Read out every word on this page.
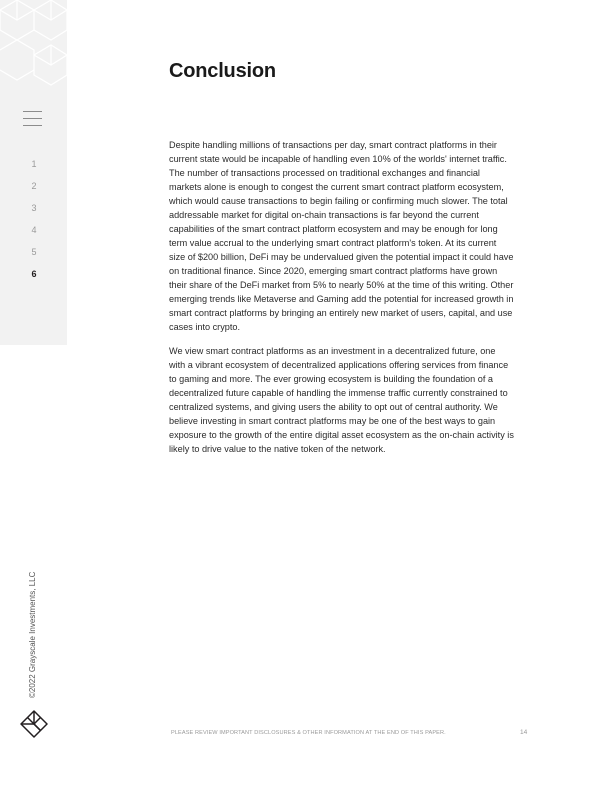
1
2
3
4
5
6
©2022 Grayscale Investments, LLC
Conclusion

Despite handling millions of transactions per day, smart contract platforms in their current state would be incapable of handling even 10% of the worlds' internet traffic. The number of transactions processed on traditional exchanges and financial markets alone is enough to congest the current smart contract platform ecosystem, which would cause transactions to begin failing or confirming much slower. The total addressable market for digital on-chain transactions is far beyond the current capabilities of the smart contract platform ecosystem and may be enough for long term value accrual to the underlying smart contract platform's token. At its current size of $200 billion, DeFi may be undervalued given the potential impact it could have on traditional finance. Since 2020, emerging smart contract platforms have grown their share of the DeFi market from 5% to nearly 50% at the time of this writing. Other emerging trends like Metaverse and Gaming add the potential for increased growth in smart contract platforms by bringing an entirely new market of users, capital, and use cases into crypto.

We view smart contract platforms as an investment in a decentralized future, one with a vibrant ecosystem of decentralized applications offering services from finance to gaming and more. The ever growing ecosystem is building the foundation of a decentralized future capable of handling the immense traffic currently constrained to centralized systems, and giving users the ability to opt out of central authority. We believe investing in smart contract platforms may be one of the best ways to gain exposure to the growth of the entire digital asset ecosystem as the on-chain activity is likely to drive value to the native token of the network.

PLEASE REVIEW IMPORTANT DISCLOSURES & OTHER INFORMATION AT THE END OF THIS PAPER.	14
